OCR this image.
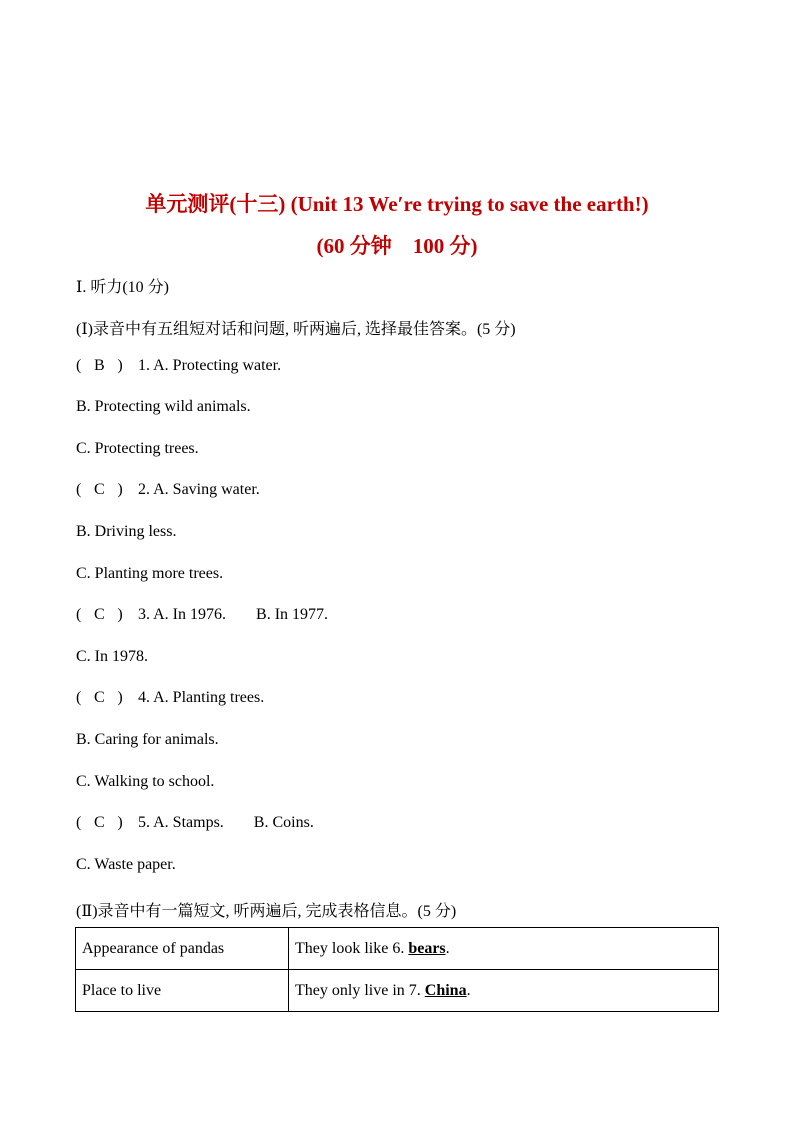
单元测评(十三) (Unit 13 We′re trying to save the earth!)
(60 分钟　100 分)
Ⅰ. 听力(10 分)
(Ⅰ)录音中有五组短对话和问题, 听两遍后, 选择最佳答案。(5 分)
( B ) 1. A. Protecting water.
B. Protecting wild animals.
C. Protecting trees.
( C ) 2. A. Saving water.
B. Driving less.
C. Planting more trees.
( C ) 3. A. In 1976. B. In 1977.
C. In 1978.
( C ) 4. A. Planting trees.
B. Caring for animals.
C. Walking to school.
( C ) 5. A. Stamps. B. Coins.
C. Waste paper.
(Ⅱ)录音中有一篇短文, 听两遍后, 完成表格信息。(5 分)
Appearance of pandas	They look like 6. bears.
Place to live	They only live in 7. China.
